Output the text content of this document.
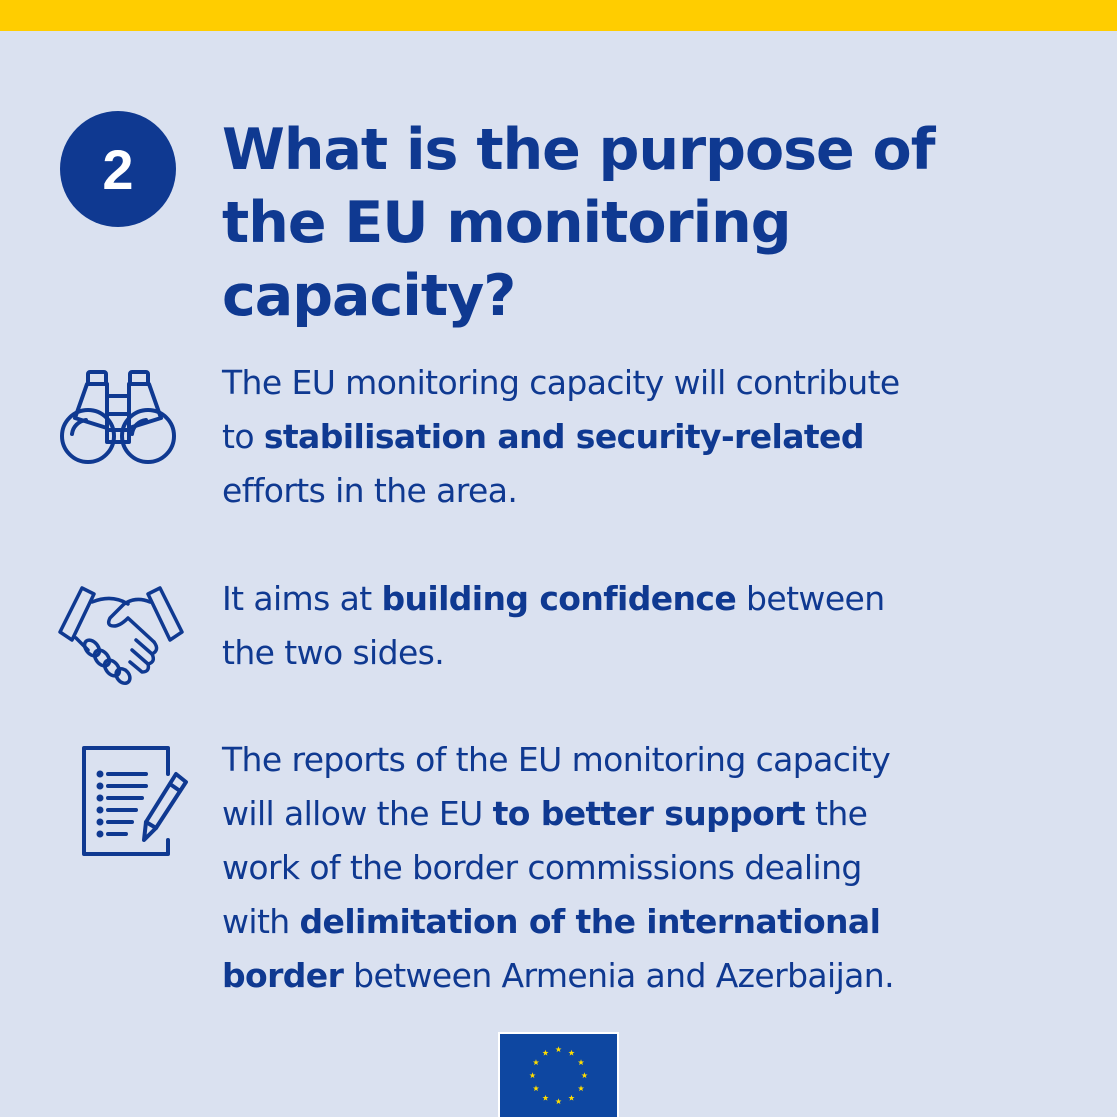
2 What is the purpose of
the EU monitoring
capacity?

The EU monitoring capacity will contribute
to stabilisation and security-related
efforts in the area.

It aims at building confidence between
the two sides.

The reports of the EU monitoring capacity
will allow the EU to better support the
work of the border commissions dealing
with delimitation of the international
border between Armenia and Azerbaijan.
